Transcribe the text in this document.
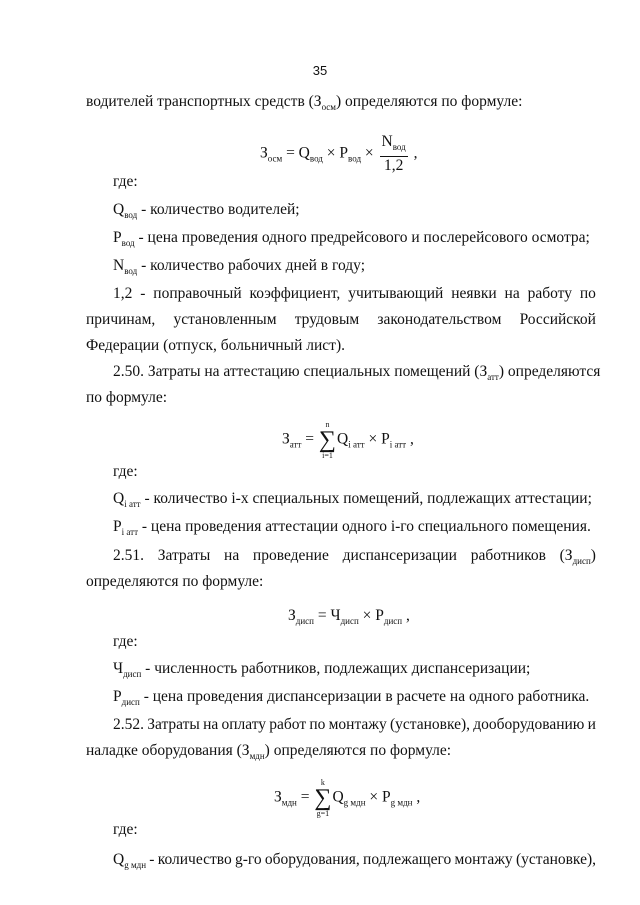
35
водителей транспортных средств $(З_{осм})$ определяются по формуле:
$З_{осм} = Q_{вод} \times P_{вод} \times \frac{N_{вод}}{1,2}$ ,
где:
$Q_{вод}$ - количество водителей;
$P_{вод}$ - цена проведения одного предрейсового и послерейсового осмотра;
$N_{вод}$ - количество рабочих дней в году;
1,2 - поправочный коэффициент, учитывающий неявки на работу по
причинам, установленным трудовым законодательством Российской
Федерации (отпуск, больничный лист).
2.50. Затраты на аттестацию специальных помещений $(З_{атт})$ определяются
по формуле:
$З_{атт}$ =
n
∑
i=1
$Q_{i атт} \times P_{i атт}$ ,
где:
$Q_{i атт}$ - количество i-х специальных помещений, подлежащих аттестации;
$P_{i атт}$ - цена проведения аттестации одного i-го специального помещения.
2.51. Затраты на проведение диспансеризации работников $(З_{дисп})$
определяются по формуле:
$З_{дисп} = Ч_{дисп} \times P_{дисп}$ ,
где:
$Ч_{дисп}$ - численность работников, подлежащих диспансеризации;
$P_{дисп}$ - цена проведения диспансеризации в расчете на одного работника.
2.52. Затраты на оплату работ по монтажу (установке), дооборудованию и
наладке оборудования $(З_{мдн})$ определяются по формуле:
$З_{мдн}$ =
k
∑
g=1
$Q_{g мдн} \times P_{g мдн}$ ,
где:
$Q_{g мдн}$ - количество g-го оборудования, подлежащего монтажу (установке),
